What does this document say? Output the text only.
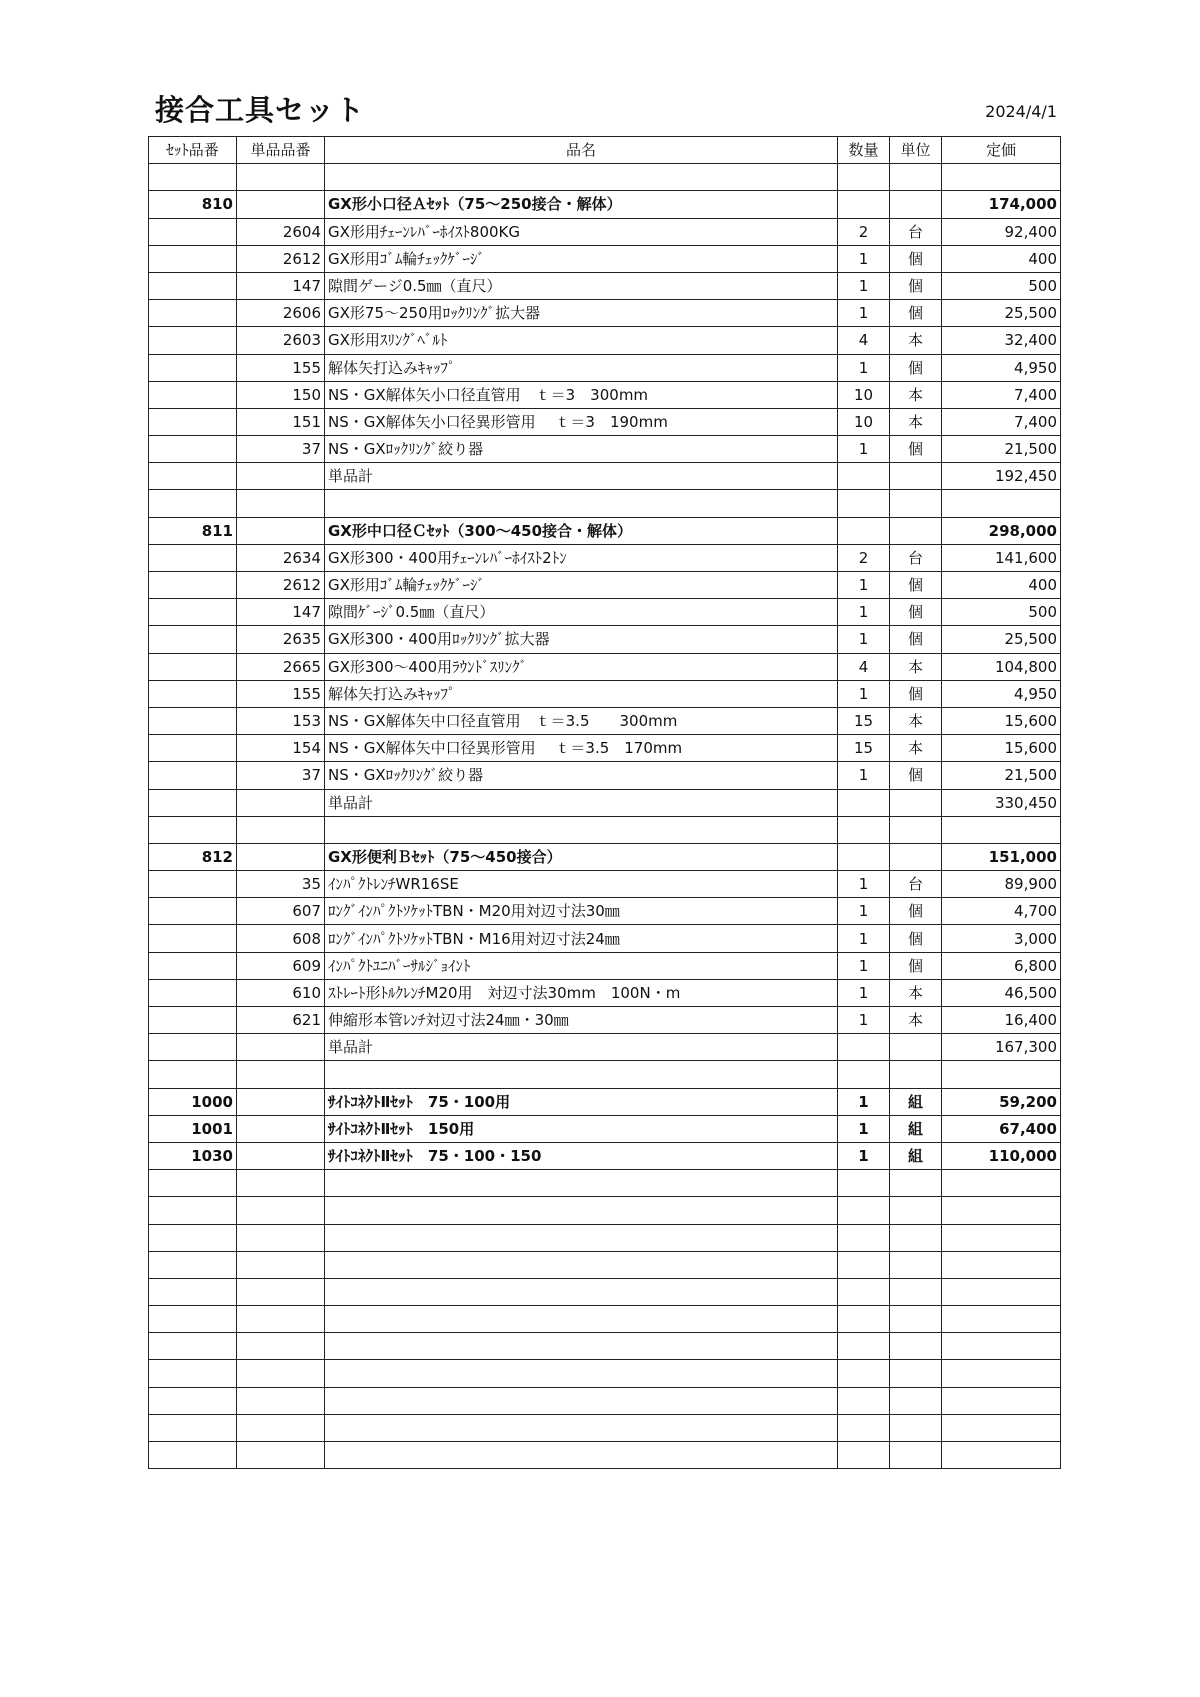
接合工具セット	2024/4/1
ｾｯﾄ品番	単品品番	品名	数量	単位	定価

810		GX形小口径Ａｾｯﾄ（75～250接合・解体）			174,000
	2604	GX形用ﾁｪｰﾝﾚﾊﾞｰﾎｲｽﾄ800KG	2	台	92,400
	2612	GX形用ｺﾞﾑ輪ﾁｪｯｸｹﾞｰｼﾞ	1	個	400
	147	隙間ゲージ0.5㎜（直尺）	1	個	500
	2606	GX形75～250用ﾛｯｸﾘﾝｸﾞ拡大器	1	個	25,500
	2603	GX形用ｽﾘﾝｸﾞﾍﾞﾙﾄ	4	本	32,400
	155	解体矢打込みｷｬｯﾌﾟ	1	個	4,950
	150	NS・GX解体矢小口径直管用　ｔ＝3　300mm	10	本	7,400
	151	NS・GX解体矢小口径異形管用　 ｔ＝3　190mm	10	本	7,400
	37	NS・GXﾛｯｸﾘﾝｸﾞ絞り器	1	個	21,500
		単品計			192,450

811		GX形中口径Ｃｾｯﾄ（300～450接合・解体）			298,000
	2634	GX形300・400用ﾁｪｰﾝﾚﾊﾞｰﾎｲｽﾄ2ﾄﾝ	2	台	141,600
	2612	GX形用ｺﾞﾑ輪ﾁｪｯｸｹﾞｰｼﾞ	1	個	400
	147	隙間ｹﾞｰｼﾞ0.5㎜（直尺）	1	個	500
	2635	GX形300・400用ﾛｯｸﾘﾝｸﾞ拡大器	1	個	25,500
	2665	GX形300～400用ﾗｳﾝﾄﾞｽﾘﾝｸﾞ	4	本	104,800
	155	解体矢打込みｷｬｯﾌﾟ	1	個	4,950
	153	NS・GX解体矢中口径直管用　ｔ＝3.5　　300mm	15	本	15,600
	154	NS・GX解体矢中口径異形管用　 ｔ＝3.5　170mm	15	本	15,600
	37	NS・GXﾛｯｸﾘﾝｸﾞ絞り器	1	個	21,500
		単品計			330,450

812		GX形便利Ｂｾｯﾄ（75～450接合）			151,000
	35	ｲﾝﾊﾟｸﾄﾚﾝﾁWR16SE	1	台	89,900
	607	ﾛﾝｸﾞｲﾝﾊﾟｸﾄｿｹｯﾄTBN・M20用対辺寸法30㎜	1	個	4,700
	608	ﾛﾝｸﾞｲﾝﾊﾟｸﾄｿｹｯﾄTBN・M16用対辺寸法24㎜	1	個	3,000
	609	ｲﾝﾊﾟｸﾄﾕﾆﾊﾞｰｻﾙｼﾞｮｲﾝﾄ	1	個	6,800
	610	ｽﾄﾚｰﾄ形ﾄﾙｸﾚﾝﾁM20用　対辺寸法30mm　100N・m	1	本	46,500
	621	伸縮形本管ﾚﾝﾁ対辺寸法24㎜・30㎜	1	本	16,400
		単品計			167,300

1000		ｻｲﾄｺﾈｸﾄⅡｾｯﾄ　75・100用	1	組	59,200
1001		ｻｲﾄｺﾈｸﾄⅡｾｯﾄ　150用	1	組	67,400
1030		ｻｲﾄｺﾈｸﾄⅡｾｯﾄ　75・100・150	1	組	110,000
